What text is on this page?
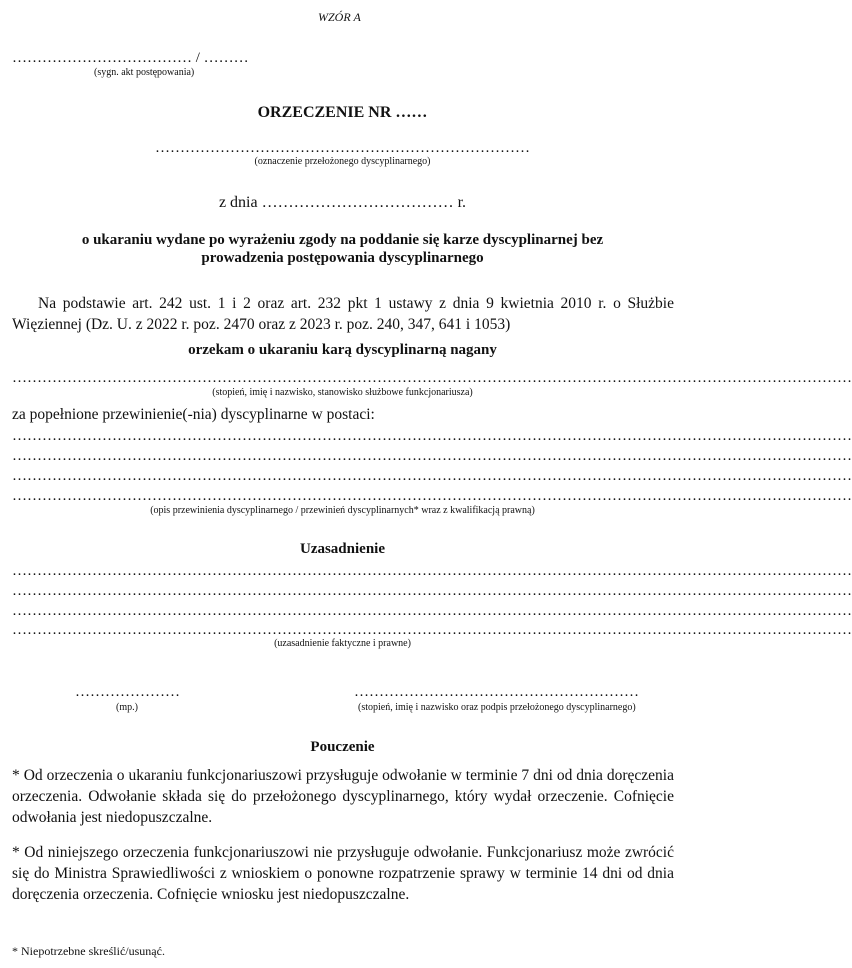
WZÓR A
……………………………… / ………
(sygn. akt postępowania)
ORZECZENIE NR ……
…………………………………………………………………
(oznaczenie przełożonego dyscyplinarnego)
z dnia ……………………………… r.
o ukaraniu wydane po wyrażeniu zgody na poddanie się karze dyscyplinarnej bez
prowadzenia postępowania dyscyplinarnego
Na podstawie art. 242 ust. 1 i 2 oraz art. 232 pkt 1 ustawy z dnia 9 kwietnia 2010 r. o Służbie Więziennej (Dz. U. z 2022 r. poz. 2470 oraz z 2023 r. poz. 240, 347, 641 i 1053)
orzekam o ukaraniu karą dyscyplinarną nagany
……………………………………………………………………………………………………………………………………………………
(stopień, imię i nazwisko, stanowisko służbowe funkcjonariusza)
za popełnione przewinienie(-nia) dyscyplinarne w postaci:
……………………………………………………………………………………………………………………………………………………
……………………………………………………………………………………………………………………………………………………
……………………………………………………………………………………………………………………………………………………
……………………………………………………………………………………………………………………………………………………
(opis przewinienia dyscyplinarnego / przewinień dyscyplinarnych* wraz z kwalifikacją prawną)
Uzasadnienie
……………………………………………………………………………………………………………………………………………………
……………………………………………………………………………………………………………………………………………………
……………………………………………………………………………………………………………………………………………………
……………………………………………………………………………………………………………………………………………………
(uzasadnienie faktyczne i prawne)
…………………
(mp.)
…………………………………………………
(stopień, imię i nazwisko oraz podpis przełożonego dyscyplinarnego)
Pouczenie
* Od orzeczenia o ukaraniu funkcjonariuszowi przysługuje odwołanie w terminie 7 dni od dnia doręczenia orzeczenia. Odwołanie składa się do przełożonego dyscyplinarnego, który wydał orzeczenie. Cofnięcie odwołania jest niedopuszczalne.
* Od niniejszego orzeczenia funkcjonariuszowi nie przysługuje odwołanie. Funkcjonariusz może zwrócić się do Ministra Sprawiedliwości z wnioskiem o ponowne rozpatrzenie sprawy w terminie 14 dni od dnia doręczenia orzeczenia. Cofnięcie wniosku jest niedopuszczalne.
* Niepotrzebne skreślić/usunąć.
